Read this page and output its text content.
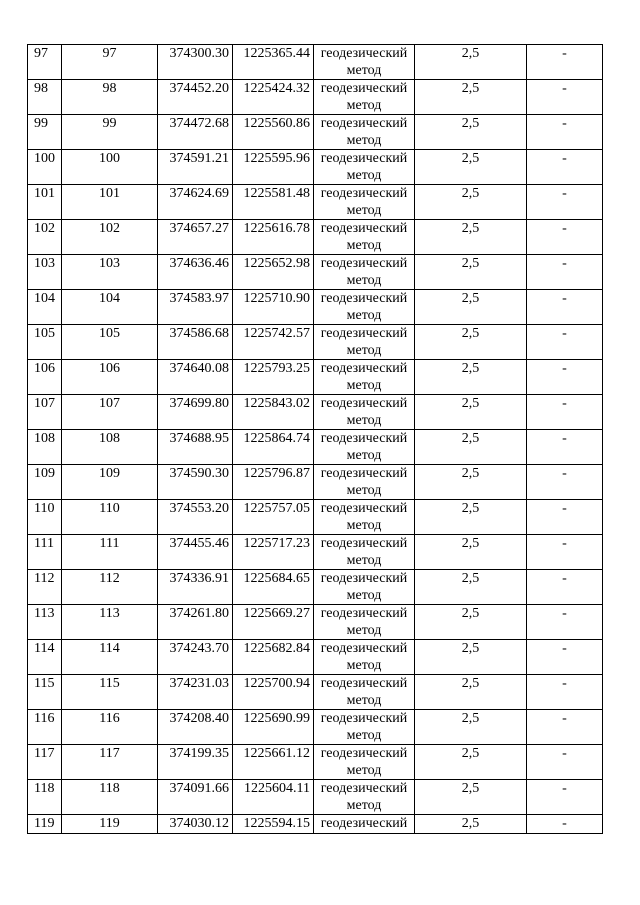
97	97	374300.30	1225365.44	геодезический метод	2,5	-
98	98	374452.20	1225424.32	геодезический метод	2,5	-
99	99	374472.68	1225560.86	геодезический метод	2,5	-
100	100	374591.21	1225595.96	геодезический метод	2,5	-
101	101	374624.69	1225581.48	геодезический метод	2,5	-
102	102	374657.27	1225616.78	геодезический метод	2,5	-
103	103	374636.46	1225652.98	геодезический метод	2,5	-
104	104	374583.97	1225710.90	геодезический метод	2,5	-
105	105	374586.68	1225742.57	геодезический метод	2,5	-
106	106	374640.08	1225793.25	геодезический метод	2,5	-
107	107	374699.80	1225843.02	геодезический метод	2,5	-
108	108	374688.95	1225864.74	геодезический метод	2,5	-
109	109	374590.30	1225796.87	геодезический метод	2,5	-
110	110	374553.20	1225757.05	геодезический метод	2,5	-
111	111	374455.46	1225717.23	геодезический метод	2,5	-
112	112	374336.91	1225684.65	геодезический метод	2,5	-
113	113	374261.80	1225669.27	геодезический метод	2,5	-
114	114	374243.70	1225682.84	геодезический метод	2,5	-
115	115	374231.03	1225700.94	геодезический метод	2,5	-
116	116	374208.40	1225690.99	геодезический метод	2,5	-
117	117	374199.35	1225661.12	геодезический метод	2,5	-
118	118	374091.66	1225604.11	геодезический метод	2,5	-
119	119	374030.12	1225594.15	геодезический	2,5	-
